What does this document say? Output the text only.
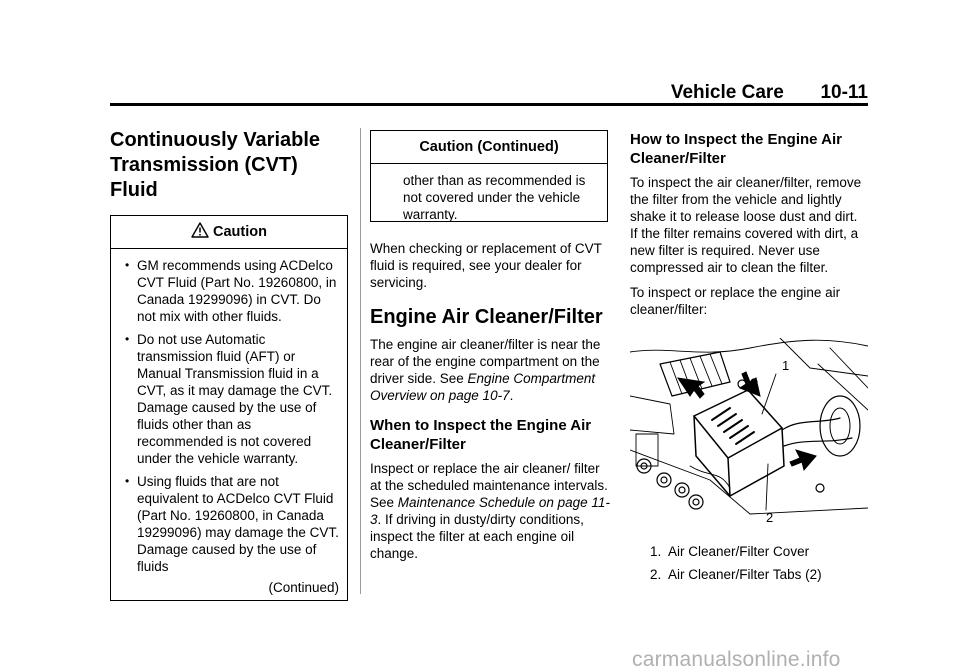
Vehicle Care 10-11
Continuously Variable
Transmission (CVT) Fluid
Caution
• GM recommends using ACDelco CVT Fluid (Part No. 19260800, in Canada 19299096) in CVT. Do not mix with other fluids.
• Do not use Automatic transmission fluid (AFT) or Manual Transmission fluid in a CVT, as it may damage the CVT. Damage caused by the use of fluids other than as recommended is not covered under the vehicle warranty.
• Using fluids that are not equivalent to ACDelco CVT Fluid (Part No. 19260800, in Canada 19299096) may damage the CVT. Damage caused by the use of fluids
(Continued)
Caution (Continued)
other than as recommended is not covered under the vehicle warranty.
When checking or replacement of CVT fluid is required, see your dealer for servicing.
Engine Air Cleaner/Filter
The engine air cleaner/filter is near the rear of the engine compartment on the driver side. See Engine Compartment Overview on page 10-7.
When to Inspect the Engine Air Cleaner/Filter
Inspect or replace the air cleaner/ filter at the scheduled maintenance intervals. See Maintenance Schedule on page 11-3. If driving in dusty/dirty conditions, inspect the filter at each engine oil change.
How to Inspect the Engine Air Cleaner/Filter
To inspect the air cleaner/filter, remove the filter from the vehicle and lightly shake it to release loose dust and dirt. If the filter remains covered with dirt, a new filter is required. Never use compressed air to clean the filter.
To inspect or replace the engine air cleaner/filter:
1
2
1. Air Cleaner/Filter Cover
2. Air Cleaner/Filter Tabs (2)
carmanualsonline.info
